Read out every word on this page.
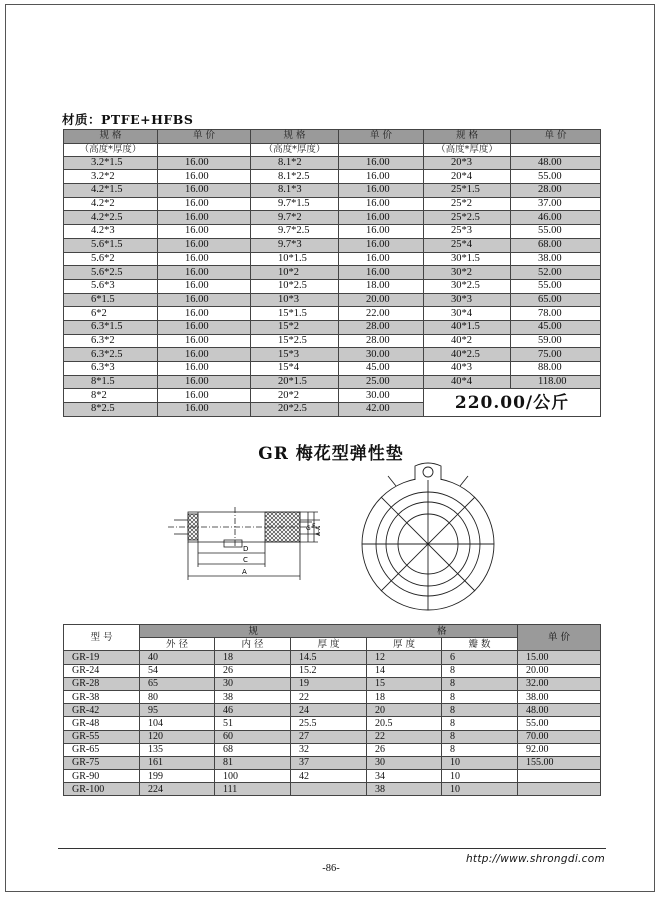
材质：PTFE+HFBS
规 格	单 价	规 格	单 价	规 格	单 价
（高度*厚度）		（高度*厚度）		（高度*厚度）	
3.2*1.5	16.00	8.1*2	16.00	20*3	48.00
3.2*2	16.00	8.1*2.5	16.00	20*4	55.00
4.2*1.5	16.00	8.1*3	16.00	25*1.5	28.00
4.2*2	16.00	9.7*1.5	16.00	25*2	37.00
4.2*2.5	16.00	9.7*2	16.00	25*2.5	46.00
4.2*3	16.00	9.7*2.5	16.00	25*3	55.00
5.6*1.5	16.00	9.7*3	16.00	25*4	68.00
5.6*2	16.00	10*1.5	16.00	30*1.5	38.00
5.6*2.5	16.00	10*2	16.00	30*2	52.00
5.6*3	16.00	10*2.5	18.00	30*2.5	55.00
6*1.5	16.00	10*3	20.00	30*3	65.00
6*2	16.00	15*1.5	22.00	30*4	78.00
6.3*1.5	16.00	15*2	28.00	40*1.5	45.00
6.3*2	16.00	15*2.5	28.00	40*2	59.00
6.3*2.5	16.00	15*3	30.00	40*2.5	75.00
6.3*3	16.00	15*4	45.00	40*3	88.00
8*1.5	16.00	20*1.5	25.00	40*4	118.00
8*2	16.00	20*2	30.00	220.00/公斤	
8*2.5	16.00	20*2.5	42.00		
GR 梅花型弹性垫
D
C
A
G F A-A
型 号	规			格		单 价
	外 径	内 径	厚 度	厚 度	瓣 数	
GR-19	40	18	14.5	12	6	15.00
GR-24	54	26	15.2	14	8	20.00
GR-28	65	30	19	15	8	32.00
GR-38	80	38	22	18	8	38.00
GR-42	95	46	24	20	8	48.00
GR-48	104	51	25.5	20.5	8	55.00
GR-55	120	60	27	22	8	70.00
GR-65	135	68	32	26	8	92.00
GR-75	161	81	37	30	10	155.00
GR-90	199	100	42	34	10	
GR-100	224	111		38	10	
http://www.shrongdi.com
-86-
